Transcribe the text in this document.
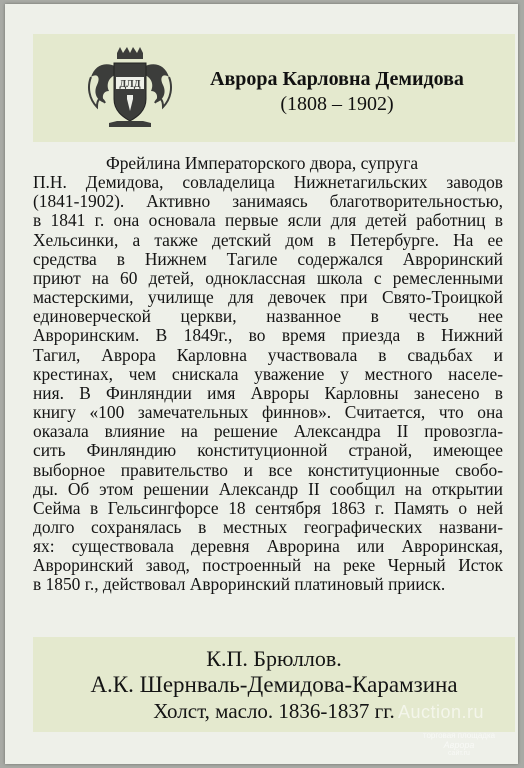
ДЛД	Аврора Карловна Демидова
(1808 – 1902)
Фрейлина Императорского двора, супруга
П.Н. Демидова, совладелица Нижнетагильских заводов
(1841-1902). Активно занимаясь благотворительностью,
в 1841 г. она основала первые ясли для детей работниц в
Хельсинки, а также детский дом в Петербурге. На ее
средства в Нижнем Тагиле содержался Авроринский
приют на 60 детей, одноклассная школа с ремесленными
мастерскими, училище для девочек при Свято-Троицкой
единоверческой церкви, названное в честь нее
Авроринским. В 1849г., во время приезда в Нижний
Тагил, Аврора Карловна участвовала в свадьбах и
крестинах, чем снискала уважение у местного населе-
ния. В Финляндии имя Авроры Карловны занесено в
книгу «100 замечательных финнов». Считается, что она
оказала влияние на решение Александра II провозгла-
сить Финляндию конституционной страной, имеющее
выборное правительство и все конституционные свобо-
ды. Об этом решении Александр II сообщил на открытии
Сейма в Гельсингфорсе 18 сентября 1863 г. Память о ней
долго сохранялась в местных географических названи-
ях: существовала деревня Аврорина или Авроринская,
Авроринский завод, построенный на реке Черный Исток
в 1850 г., действовал Авроринский платиновый прииск.
К.П. Брюллов.
А.К. Шернваль-Демидова-Карамзина
Холст, масло. 1836-1837 гг. Auction.ru
торговая площадка
Аврора
сайт.ru
